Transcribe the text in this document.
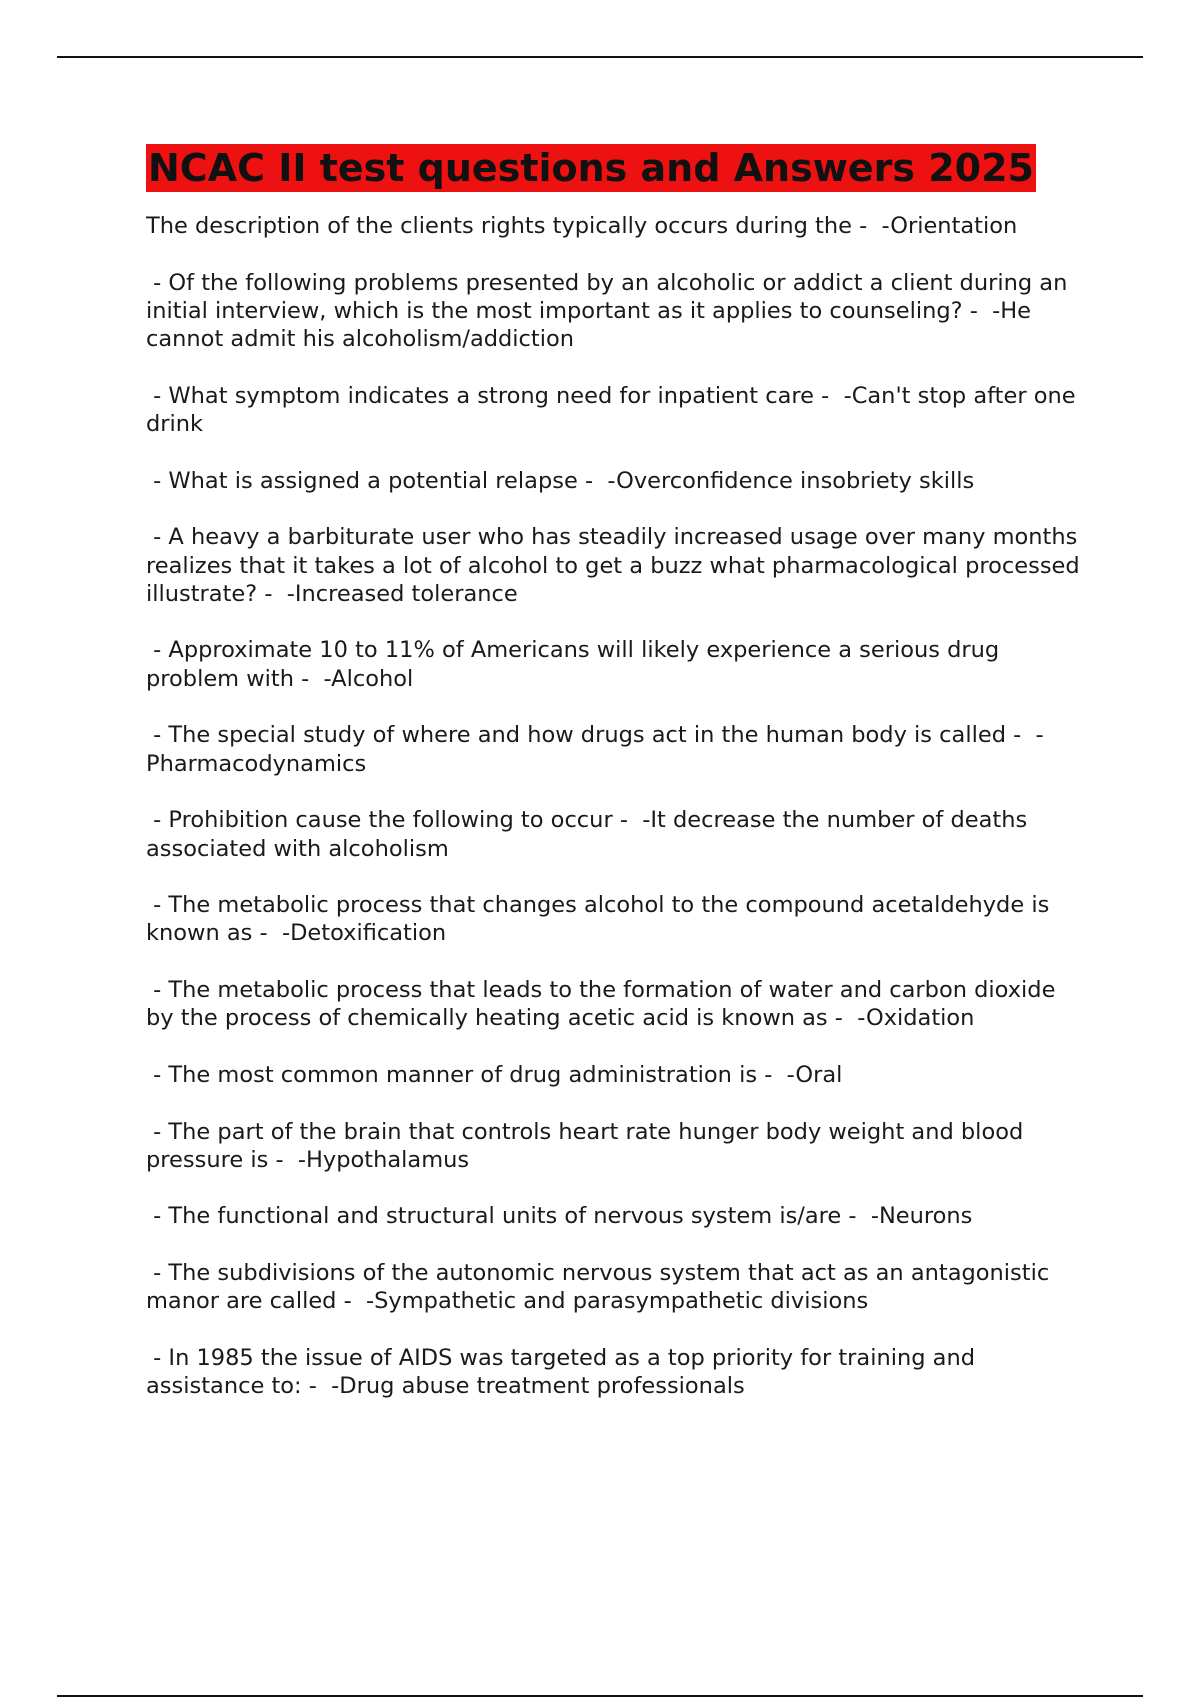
NCAC II test questions and Answers 2025
The description of the clients rights typically occurs during the -  -Orientation
- Of the following problems presented by an alcoholic or addict a client during an initial interview, which is the most important as it applies to counseling? -  -He cannot admit his alcoholism/addiction
- What symptom indicates a strong need for inpatient care -  -Can't stop after one drink
- What is assigned a potential relapse -  -Overconfidence insobriety skills
- A heavy a barbiturate user who has steadily increased usage over many months realizes that it takes a lot of alcohol to get a buzz what pharmacological processed illustrate? -  -Increased tolerance
- Approximate 10 to 11% of Americans will likely experience a serious drug problem with -  -Alcohol
- The special study of where and how drugs act in the human body is called -  -Pharmacodynamics
- Prohibition cause the following to occur -  -It decrease the number of deaths associated with alcoholism
- The metabolic process that changes alcohol to the compound acetaldehyde is known as -  -Detoxification
- The metabolic process that leads to the formation of water and carbon dioxide by the process of chemically heating acetic acid is known as -  -Oxidation
- The most common manner of drug administration is -  -Oral
- The part of the brain that controls heart rate hunger body weight and blood pressure is -  -Hypothalamus
- The functional and structural units of nervous system is/are -  -Neurons
- The subdivisions of the autonomic nervous system that act as an antagonistic manor are called -  -Sympathetic and parasympathetic divisions
- In 1985 the issue of AIDS was targeted as a top priority for training and assistance to: -  -Drug abuse treatment professionals
